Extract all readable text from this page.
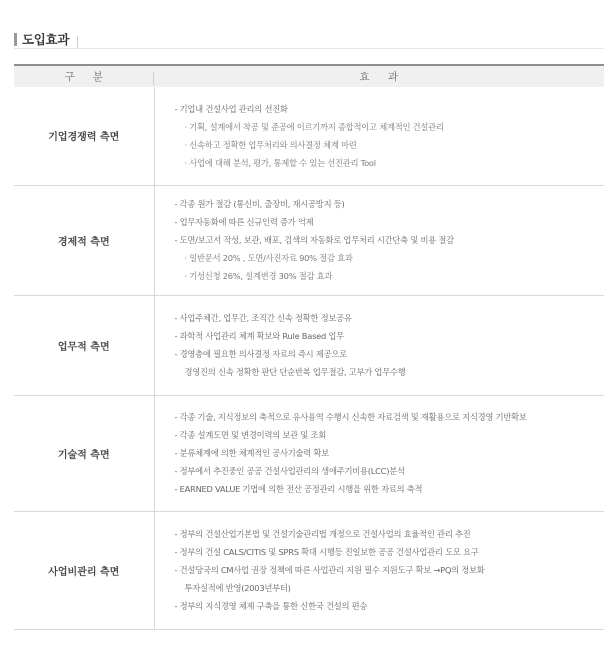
도입효과
구 분	효 과
기업경쟁력 측면	- 기업내 건설사업 관리의 선진화
· 기획, 설계에서 착공 및 준공에 이르기까지 종합적이고 체계적인 건설관리
· 신속하고 정확한 업무처리와 의사결정 체계 마련
· 사업에 대해 분석, 평가, 통제할 수 있는 선진관리 Tool

경제적 측면	- 각종 원가 절감 (통신비, 출장비, 재시공방지 등)
- 업무자동화에 따른 신규인력 증가 억제
- 도면/보고서 작성, 보관, 배포, 검색의 자동화로 업무처리 시간단축 및 비용 절감
· 일반문서 20% , 도면/사진자료 90% 절감 효과
· 기성신청 26%, 설계변경 30% 절감 효과

업무적 측면	- 사업주체간, 업무간, 조직간 신속 정확한 정보공유
- 과학적 사업관리 체계 확보와 Rule Based 업무
- 경영층에 필요한 의사결정 자료의 즉시 제공으로
경영진의 신속 정확한 판단 단순반복 업무절감, 고부가 업무수행

기술적 측면	- 각종 기술, 지식정보의 축적으로 유사용역 수행시 신속한 자료검색 및 재활용으로 지식경영 기반확보
- 각종 설계도면 및 변경이력의 보관 및 조회
- 분류체계에 의한 체계적인 공사기술력 확보
- 정부에서 추진중인 공공 건설사업관리의 생애주기비용(LCC)분석
- EARNED VALUE 기법에 의한 전산 공정관리 시행을 위한 자료의 축적

사업비관리 측면	- 정부의 건설산업기본법 및 건설기술관리법 개정으로 건설사업의 효율적인 관리 추진
- 정부의 건설 CALS/CITIS 및 SPRS 확대 시행등 진일보한 공공 건설사업관리 도모 요구
- 건설당국의 CM사업 권장 정책에 따른 사업관리 지원 필수 지원도구 확보 →PQ의 정보화
투자실적에 반영(2003년부터)
- 정부의 지식경영 체제 구축을 통한 신한국 건설의 편승
